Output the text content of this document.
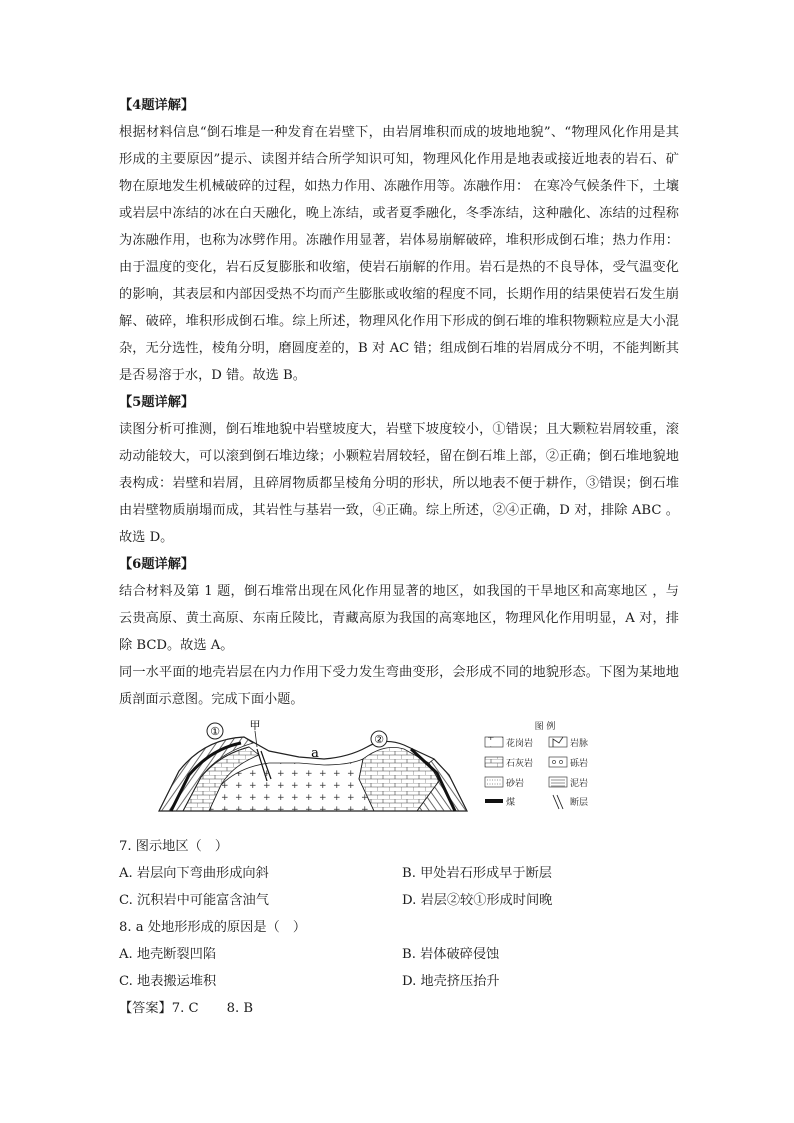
【4题详解】

根据材料信息“倒石堆是一种发育在岩壁下，由岩屑堆积而成的坡地地貌”、“物理风化作用是其形成的主要原因”提示、读图并结合所学知识可知，物理风化作用是地表或接近地表的岩石、矿物在原地发生机械破碎的过程，如热力作用、冻融作用等。冻融作用： 在寒冷气候条件下，土壤或岩层中冻结的冰在白天融化，晚上冻结，或者夏季融化，冬季冻结，这种融化、冻结的过程称为冻融作用，也称为冰劈作用。冻融作用显著，岩体易崩解破碎，堆积形成倒石堆；热力作用：由于温度的变化，岩石反复膨胀和收缩，使岩石崩解的作用。岩石是热的不良导体，受气温变化的影响，其表层和内部因受热不均而产生膨胀或收缩的程度不同，长期作用的结果使岩石发生崩解、破碎，堆积形成倒石堆。综上所述，物理风化作用下形成的倒石堆的堆积物颗粒应是大小混杂，无分选性，棱角分明，磨圆度差的，B 对 AC 错；组成倒石堆的岩屑成分不明，不能判断其是否易溶于水，D 错。故选 B。

【5题详解】

读图分析可推测，倒石堆地貌中岩壁坡度大，岩壁下坡度较小，①错误；且大颗粒岩屑较重，滚动动能较大，可以滚到倒石堆边缘；小颗粒岩屑较轻，留在倒石堆上部，②正确；倒石堆地貌地表构成：岩壁和岩屑，且碎屑物质都呈棱角分明的形状，所以地表不便于耕作，③错误；倒石堆由岩壁物质崩塌而成，其岩性与基岩一致，④正确。综上所述，②④正确，D 对，排除 ABC 。故选 D。

【6题详解】

结合材料及第 1 题，倒石堆常出现在风化作用显著的地区，如我国的干旱地区和高寒地区 ，与云贵高原、黄土高原、东南丘陵比，青藏高原为我国的高寒地区，物理风化作用明显，A 对，排除 BCD。故选 A。

同一水平面的地壳岩层在内力作用下受力发生弯曲变形，会形成不同的地貌形态。下图为某地地质剖面示意图。完成下面小题。

①	甲
a
②
图 例
花岗岩	岩脉
石灰岩	砾岩
砂岩	泥岩
煤	断层

7. 图示地区（　）

A. 岩层向下弯曲形成向斜	B. 甲处岩石形成早于断层
C. 沉积岩中可能富含油气	D. 岩层②较①形成时间晚

8. a 处地形形成的原因是（　）

A. 地壳断裂凹陷	B. 岩体破碎侵蚀
C. 地表搬运堆积	D. 地壳挤压抬升

【答案】7. C 8. B
